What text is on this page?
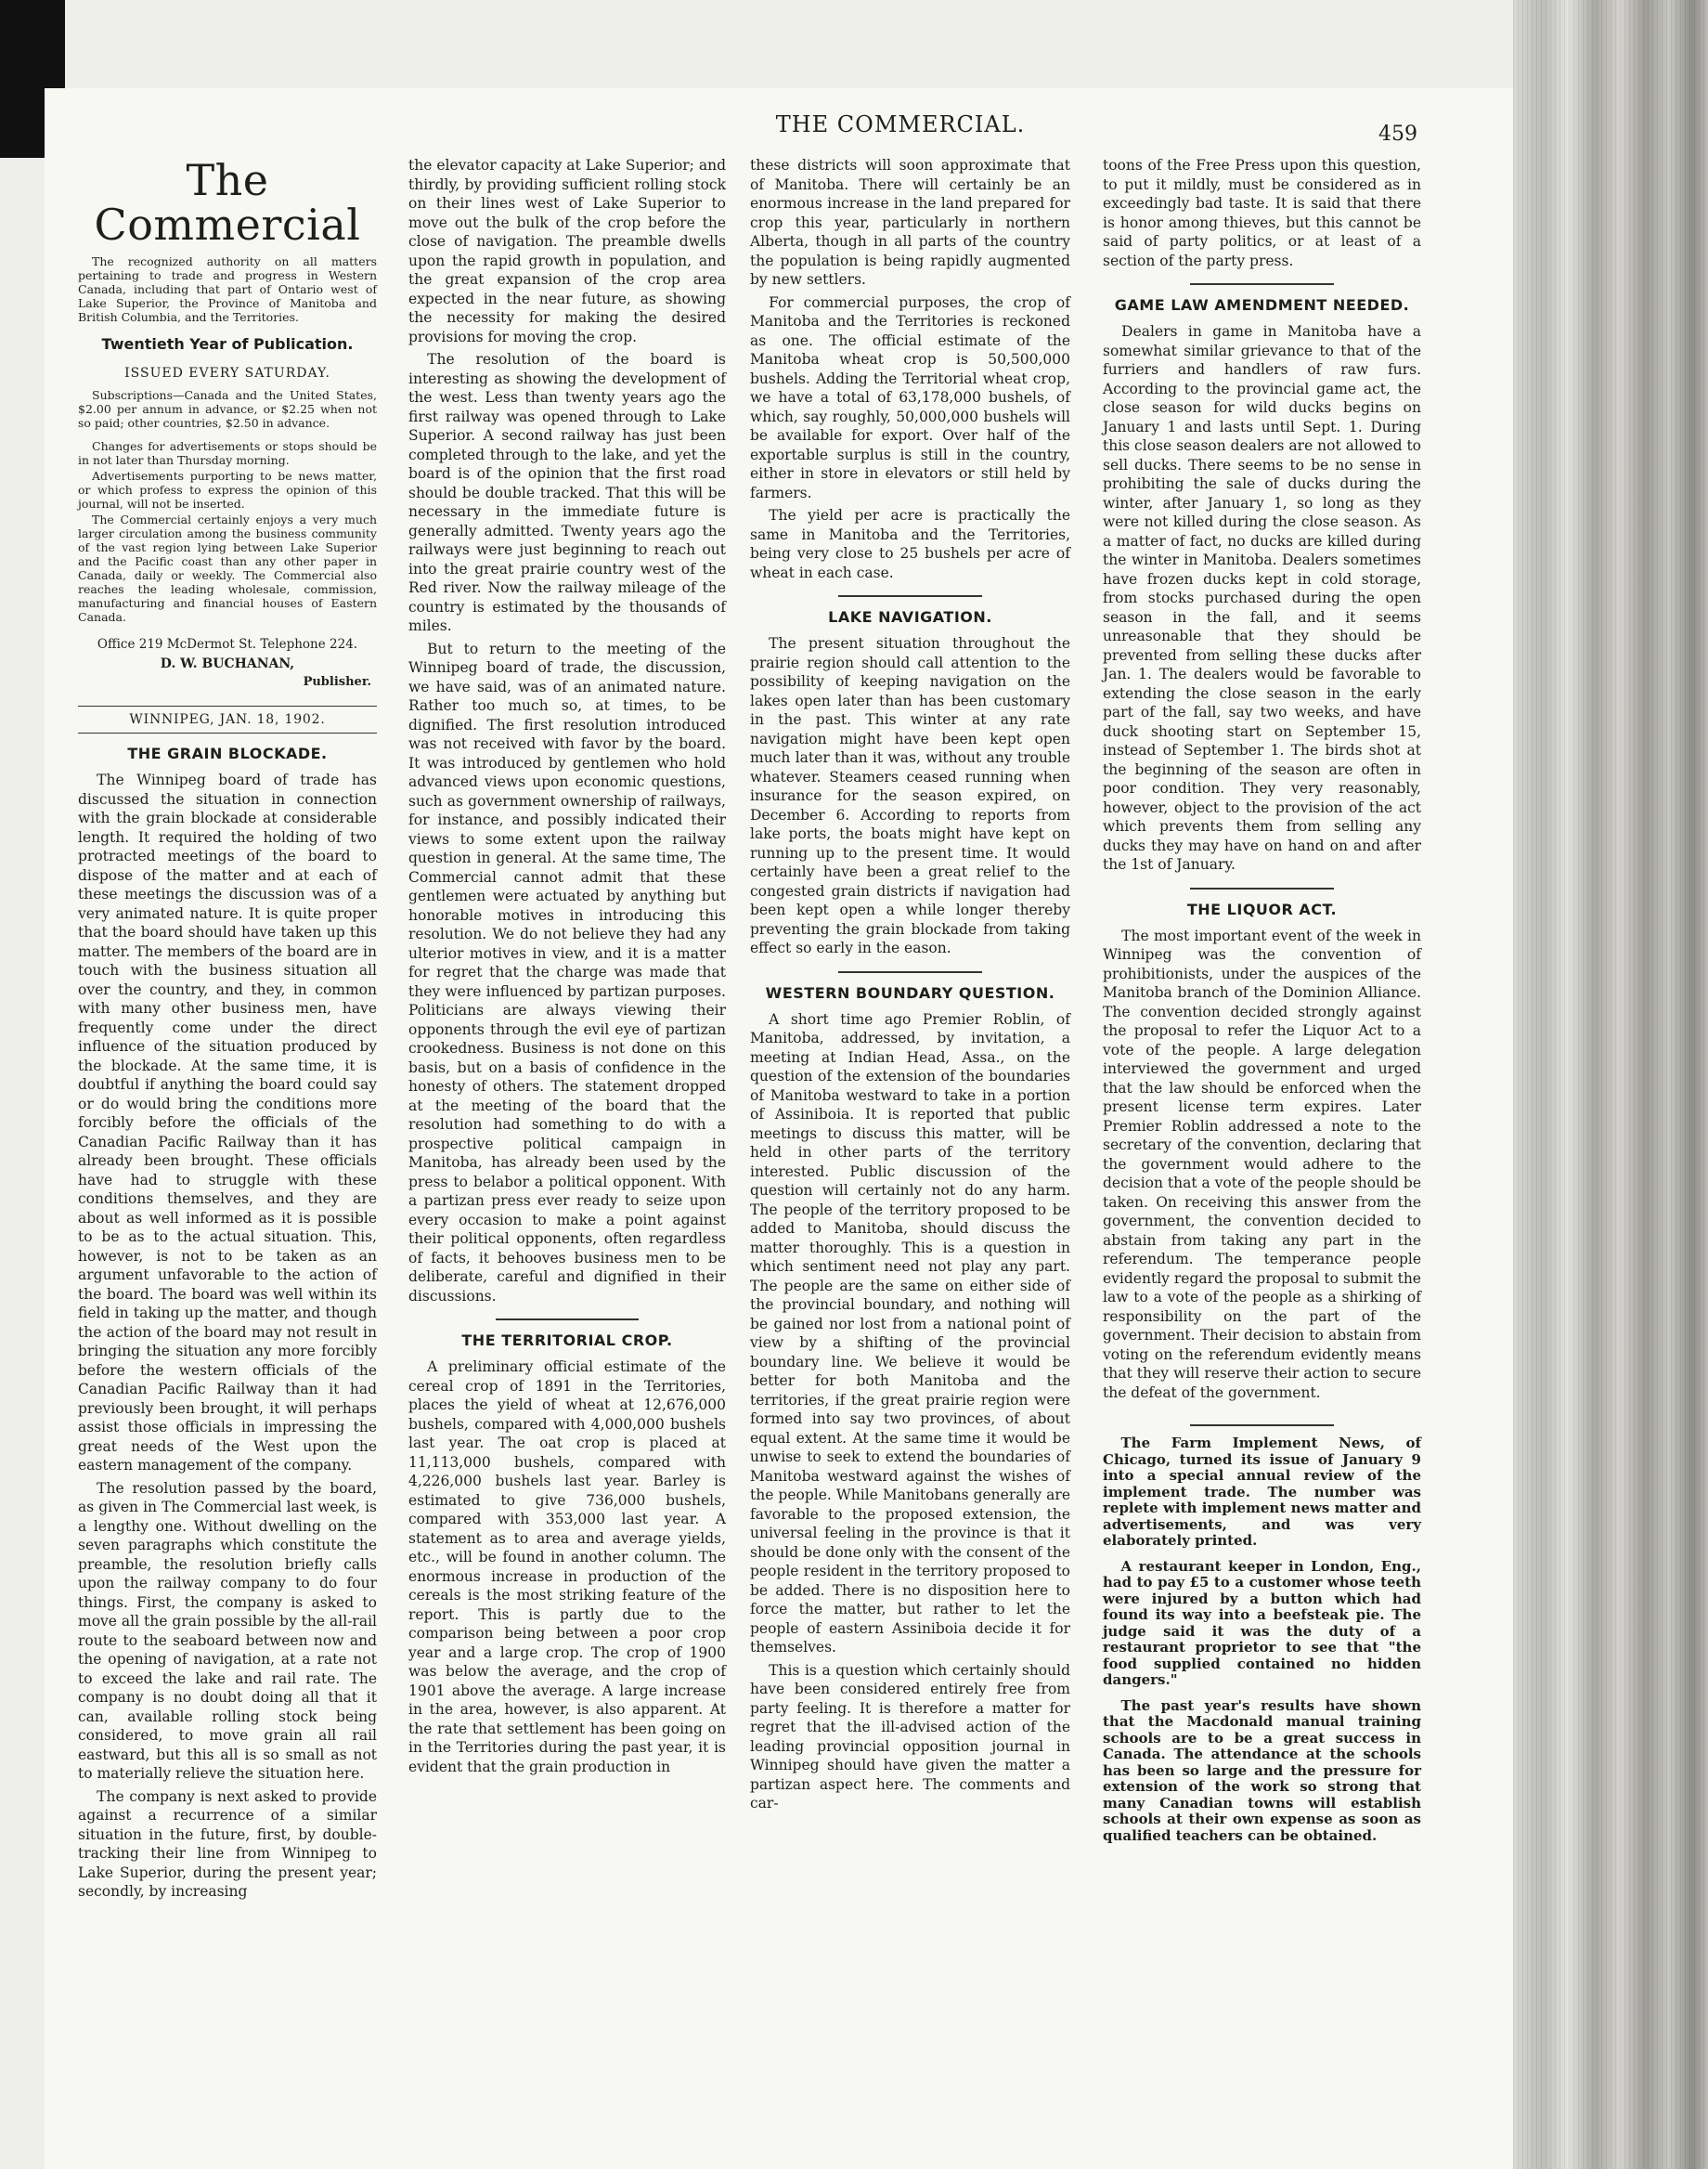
THE COMMERCIAL.	459
The Commercial

The recognized authority on all matters pertaining to trade and progress in Western Canada, including that part of Ontario west of Lake Superior, the Province of Manitoba and British Columbia, and the Territories.

Twentieth Year of Publication.
ISSUED EVERY SATURDAY.

Subscriptions—Canada and the United States, $2.00 per annum in advance, or $2.25 when not so paid; other countries, $2.50 in advance.

Changes for advertisements or stops should be in not later than Thursday morning.

Advertisements purporting to be news matter, or which profess to express the opinion of this journal, will not be inserted.

The Commercial certainly enjoys a very much larger circulation among the business community of the vast region lying between Lake Superior and the Pacific coast than any other paper in Canada, daily or weekly. The Commercial also reaches the leading wholesale, commission, manufacturing and financial houses of Eastern Canada.

Office 219 McDermot St. Telephone 224.
D. W. BUCHANAN,
Publisher.
WINNIPEG, JAN. 18, 1902.
THE GRAIN BLOCKADE.

The Winnipeg board of trade has discussed the situation in connection with the grain blockade at considerable length. It required the holding of two protracted meetings of the board to dispose of the matter and at each of these meetings the discussion was of a very animated nature. It is quite proper that the board should have taken up this matter. The members of the board are in touch with the business situation all over the country, and they, in common with many other business men, have frequently come under the direct influence of the situation produced by the blockade. At the same time, it is doubtful if anything the board could say or do would bring the conditions more forcibly before the officials of the Canadian Pacific Railway than it has already been brought. These officials have had to struggle with these conditions themselves, and they are about as well informed as it is possible to be as to the actual situation. This, however, is not to be taken as an argument unfavorable to the action of the board. The board was well within its field in taking up the matter, and though the action of the board may not result in bringing the situation any more forcibly before the western officials of the Canadian Pacific Railway than it had previously been brought, it will perhaps assist those officials in impressing the great needs of the West upon the eastern management of the company.

The resolution passed by the board, as given in The Commercial last week, is a lengthy one. Without dwelling on the seven paragraphs which constitute the preamble, the resolution briefly calls upon the railway company to do four things. First, the company is asked to move all the grain possible by the all-rail route to the seaboard between now and the opening of navigation, at a rate not to exceed the lake and rail rate. The company is no doubt doing all that it can, available rolling stock being considered, to move grain all rail eastward, but this all is so small as not to materially relieve the situation here.

The company is next asked to provide against a recurrence of a similar situation in the future, first, by double-tracking their line from Winnipeg to Lake Superior, during the present year; secondly, by increasing

the elevator capacity at Lake Superior; and thirdly, by providing sufficient rolling stock on their lines west of Lake Superior to move out the bulk of the crop before the close of navigation. The preamble dwells upon the rapid growth in population, and the great expansion of the crop area expected in the near future, as showing the necessity for making the desired provisions for moving the crop.

The resolution of the board is interesting as showing the development of the west. Less than twenty years ago the first railway was opened through to Lake Superior. A second railway has just been completed through to the lake, and yet the board is of the opinion that the first road should be double tracked. That this will be necessary in the immediate future is generally admitted. Twenty years ago the railways were just beginning to reach out into the great prairie country west of the Red river. Now the railway mileage of the country is estimated by the thousands of miles.

But to return to the meeting of the Winnipeg board of trade, the discussion, we have said, was of an animated nature. Rather too much so, at times, to be dignified. The first resolution introduced was not received with favor by the board. It was introduced by gentlemen who hold advanced views upon economic questions, such as government ownership of railways, for instance, and possibly indicated their views to some extent upon the railway question in general. At the same time, The Commercial cannot admit that these gentlemen were actuated by anything but honorable motives in introducing this resolution. We do not believe they had any ulterior motives in view, and it is a matter for regret that the charge was made that they were influenced by partizan purposes. Politicians are always viewing their opponents through the evil eye of partizan crookedness. Business is not done on this basis, but on a basis of confidence in the honesty of others. The statement dropped at the meeting of the board that the resolution had something to do with a prospective political campaign in Manitoba, has already been used by the press to belabor a political opponent. With a partizan press ever ready to seize upon every occasion to make a point against their political opponents, often regardless of facts, it behooves business men to be deliberate, careful and dignified in their discussions.

THE TERRITORIAL CROP.

A preliminary official estimate of the cereal crop of 1891 in the Territories, places the yield of wheat at 12,676,000 bushels, compared with 4,000,000 bushels last year. The oat crop is placed at 11,113,000 bushels, compared with 4,226,000 bushels last year. Barley is estimated to give 736,000 bushels, compared with 353,000 last year. A statement as to area and average yields, etc., will be found in another column. The enormous increase in production of the cereals is the most striking feature of the report. This is partly due to the comparison being between a poor crop year and a large crop. The crop of 1900 was below the average, and the crop of 1901 above the average. A large increase in the area, however, is also apparent. At the rate that settlement has been going on in the Territories during the past year, it is evident that the grain production in

these districts will soon approximate that of Manitoba. There will certainly be an enormous increase in the land prepared for crop this year, particularly in northern Alberta, though in all parts of the country the population is being rapidly augmented by new settlers.

For commercial purposes, the crop of Manitoba and the Territories is reckoned as one. The official estimate of the Manitoba wheat crop is 50,500,000 bushels. Adding the Territorial wheat crop, we have a total of 63,178,000 bushels, of which, say roughly, 50,000,000 bushels will be available for export. Over half of the exportable surplus is still in the country, either in store in elevators or still held by farmers.

The yield per acre is practically the same in Manitoba and the Territories, being very close to 25 bushels per acre of wheat in each case.

LAKE NAVIGATION.

The present situation throughout the prairie region should call attention to the possibility of keeping navigation on the lakes open later than has been customary in the past. This winter at any rate navigation might have been kept open much later than it was, without any trouble whatever. Steamers ceased running when insurance for the season expired, on December 6. According to reports from lake ports, the boats might have kept on running up to the present time. It would certainly have been a great relief to the congested grain districts if navigation had been kept open a while longer thereby preventing the grain blockade from taking effect so early in the eason.

WESTERN BOUNDARY QUESTION.

A short time ago Premier Roblin, of Manitoba, addressed, by invitation, a meeting at Indian Head, Assa., on the question of the extension of the boundaries of Manitoba westward to take in a portion of Assiniboia. It is reported that public meetings to discuss this matter, will be held in other parts of the territory interested. Public discussion of the question will certainly not do any harm. The people of the territory proposed to be added to Manitoba, should discuss the matter thoroughly. This is a question in which sentiment need not play any part. The people are the same on either side of the provincial boundary, and nothing will be gained nor lost from a national point of view by a shifting of the provincial boundary line. We believe it would be better for both Manitoba and the territories, if the great prairie region were formed into say two provinces, of about equal extent. At the same time it would be unwise to seek to extend the boundaries of Manitoba westward against the wishes of the people. While Manitobans generally are favorable to the proposed extension, the universal feeling in the province is that it should be done only with the consent of the people resident in the territory proposed to be added. There is no disposition here to force the matter, but rather to let the people of eastern Assiniboia decide it for themselves.

This is a question which certainly should have been considered entirely free from party feeling. It is therefore a matter for regret that the ill-advised action of the leading provincial opposition journal in Winnipeg should have given the matter a partizan aspect here. The comments and car-

toons of the Free Press upon this question, to put it mildly, must be considered as in exceedingly bad taste. It is said that there is honor among thieves, but this cannot be said of party politics, or at least of a section of the party press.

GAME LAW AMENDMENT NEEDED.

Dealers in game in Manitoba have a somewhat similar grievance to that of the furriers and handlers of raw furs. According to the provincial game act, the close season for wild ducks begins on January 1 and lasts until Sept. 1. During this close season dealers are not allowed to sell ducks. There seems to be no sense in prohibiting the sale of ducks during the winter, after January 1, so long as they were not killed during the close season. As a matter of fact, no ducks are killed during the winter in Manitoba. Dealers sometimes have frozen ducks kept in cold storage, from stocks purchased during the open season in the fall, and it seems unreasonable that they should be prevented from selling these ducks after Jan. 1. The dealers would be favorable to extending the close season in the early part of the fall, say two weeks, and have duck shooting start on September 15, instead of September 1. The birds shot at the beginning of the season are often in poor condition. They very reasonably, however, object to the provision of the act which prevents them from selling any ducks they may have on hand on and after the 1st of January.

THE LIQUOR ACT.

The most important event of the week in Winnipeg was the convention of prohibitionists, under the auspices of the Manitoba branch of the Dominion Alliance. The convention decided strongly against the proposal to refer the Liquor Act to a vote of the people. A large delegation interviewed the government and urged that the law should be enforced when the present license term expires. Later Premier Roblin addressed a note to the secretary of the convention, declaring that the government would adhere to the decision that a vote of the people should be taken. On receiving this answer from the government, the convention decided to abstain from taking any part in the referendum. The temperance people evidently regard the proposal to submit the law to a vote of the people as a shirking of responsibility on the part of the government. Their decision to abstain from voting on the referendum evidently means that they will reserve their action to secure the defeat of the government.

The Farm Implement News, of Chicago, turned its issue of January 9 into a special annual review of the implement trade. The number was replete with implement news matter and advertisements, and was very elaborately printed.

A restaurant keeper in London, Eng., had to pay £5 to a customer whose teeth were injured by a button which had found its way into a beefsteak pie. The judge said it was the duty of a restaurant proprietor to see that "the food supplied contained no hidden dangers."

The past year's results have shown that the Macdonald manual training schools are to be a great success in Canada. The attendance at the schools has been so large and the pressure for extension of the work so strong that many Canadian towns will establish schools at their own expense as soon as qualified teachers can be obtained.
